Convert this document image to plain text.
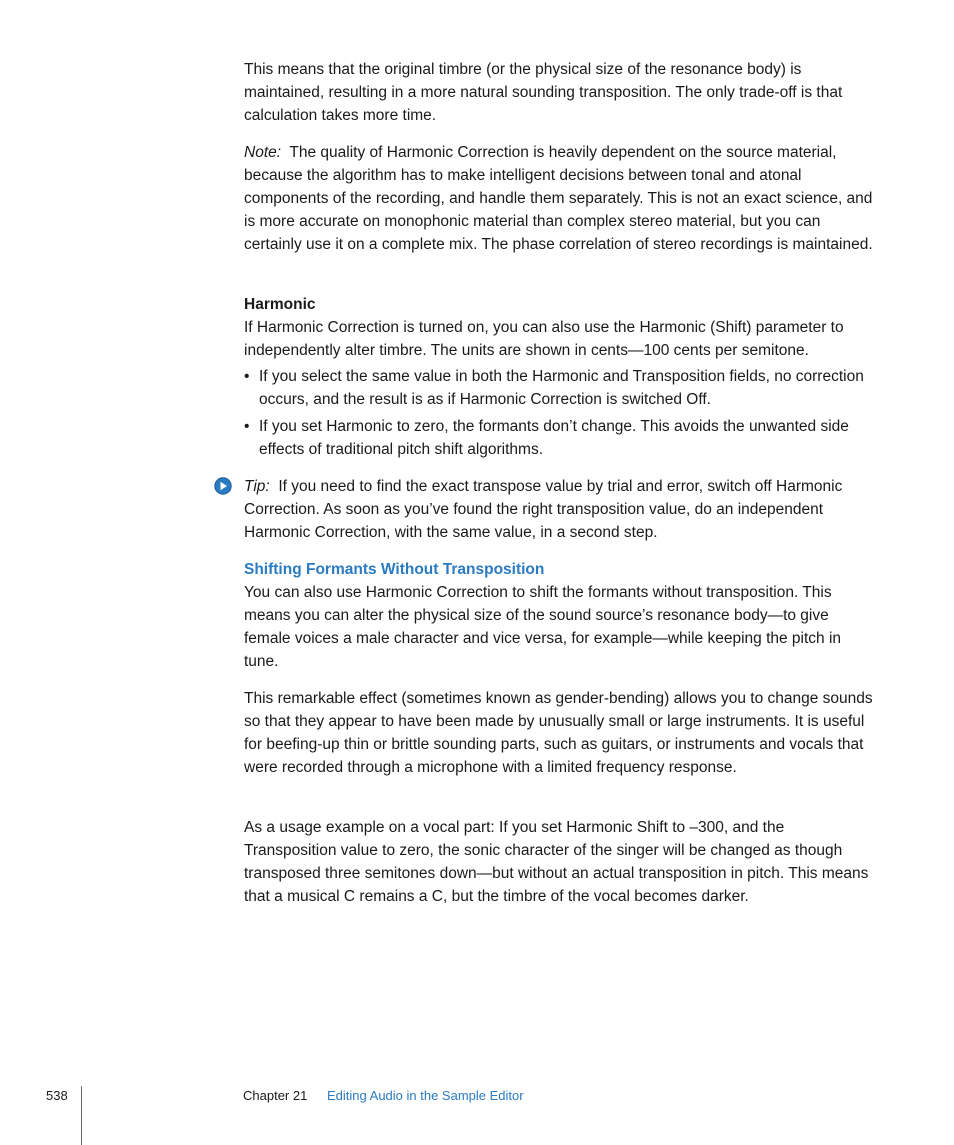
This means that the original timbre (or the physical size of the resonance body) is maintained, resulting in a more natural sounding transposition. The only trade-off is that calculation takes more time.

Note: The quality of Harmonic Correction is heavily dependent on the source material, because the algorithm has to make intelligent decisions between tonal and atonal components of the recording, and handle them separately. This is not an exact science, and is more accurate on monophonic material than complex stereo material, but you can certainly use it on a complete mix. The phase correlation of stereo recordings is maintained.

Harmonic

If Harmonic Correction is turned on, you can also use the Harmonic (Shift) parameter to independently alter timbre. The units are shown in cents—100 cents per semitone.

• If you select the same value in both the Harmonic and Transposition fields, no correction occurs, and the result is as if Harmonic Correction is switched Off.
• If you set Harmonic to zero, the formants don’t change. This avoids the unwanted side effects of traditional pitch shift algorithms.

Tip: If you need to find the exact transpose value by trial and error, switch off Harmonic Correction. As soon as you’ve found the right transposition value, do an independent Harmonic Correction, with the same value, in a second step.

Shifting Formants Without Transposition

You can also use Harmonic Correction to shift the formants without transposition. This means you can alter the physical size of the sound source’s resonance body—to give female voices a male character and vice versa, for example—while keeping the pitch in tune.

This remarkable effect (sometimes known as gender-bending) allows you to change sounds so that they appear to have been made by unusually small or large instruments. It is useful for beefing-up thin or brittle sounding parts, such as guitars, or instruments and vocals that were recorded through a microphone with a limited frequency response.

As a usage example on a vocal part: If you set Harmonic Shift to –300, and the Transposition value to zero, the sonic character of the singer will be changed as though transposed three semitones down—but without an actual transposition in pitch. This means that a musical C remains a C, but the timbre of the vocal becomes darker.

538	Chapter 21 Editing Audio in the Sample Editor
